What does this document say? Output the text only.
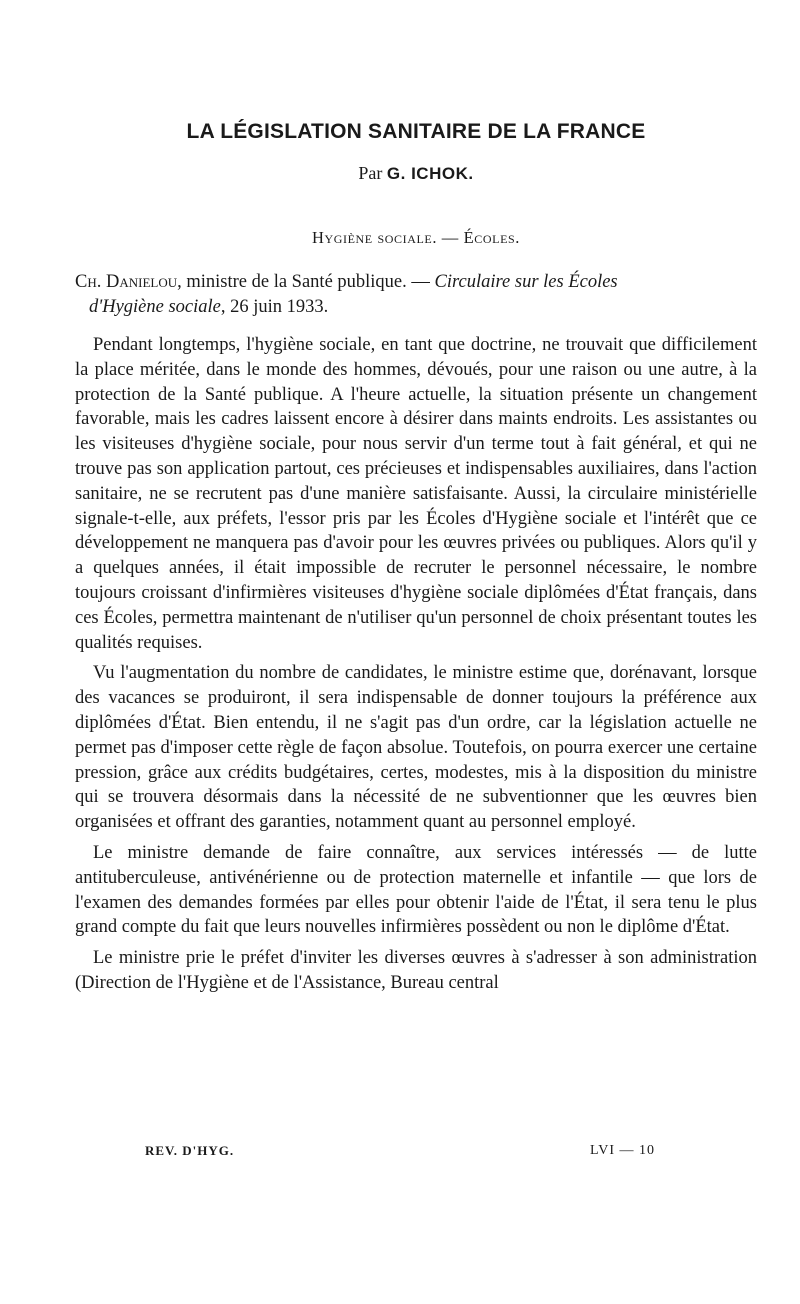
LA LÉGISLATION SANITAIRE DE LA FRANCE
Par G. ICHOK.
Hygiène sociale. — Écoles.
Ch. Danielou, ministre de la Santé publique. — Circulaire sur les Écoles
d'Hygiène sociale, 26 juin 1933.

Pendant longtemps, l'hygiène sociale, en tant que doctrine, ne trouvait que difficilement la place méritée, dans le monde des hommes, dévoués, pour une raison ou une autre, à la protection de la Santé publique. A l'heure actuelle, la situation présente un changement favorable, mais les cadres laissent encore à désirer dans maints endroits. Les assistantes ou les visiteuses d'hygiène sociale, pour nous servir d'un terme tout à fait général, et qui ne trouve pas son application partout, ces précieuses et indispensables auxiliaires, dans l'action sanitaire, ne se recrutent pas d'une manière satisfaisante. Aussi, la circulaire ministérielle signale-t-elle, aux préfets, l'essor pris par les Écoles d'Hygiène sociale et l'intérêt que ce développement ne manquera pas d'avoir pour les œuvres privées ou publiques. Alors qu'il y a quelques années, il était impossible de recruter le personnel nécessaire, le nombre toujours croissant d'infirmières visiteuses d'hygiène sociale diplômées d'État français, dans ces Écoles, permettra maintenant de n'utiliser qu'un personnel de choix présentant toutes les qualités requises.

Vu l'augmentation du nombre de candidates, le ministre estime que, dorénavant, lorsque des vacances se produiront, il sera indispensable de donner toujours la préférence aux diplômées d'État. Bien entendu, il ne s'agit pas d'un ordre, car la législation actuelle ne permet pas d'imposer cette règle de façon absolue. Toutefois, on pourra exercer une certaine pression, grâce aux crédits budgétaires, certes, modestes, mis à la disposition du ministre qui se trouvera désormais dans la nécessité de ne subventionner que les œuvres bien organisées et offrant des garanties, notamment quant au personnel employé.

Le ministre demande de faire connaître, aux services intéressés — de lutte antituberculeuse, antivénérienne ou de protection maternelle et infantile — que lors de l'examen des demandes formées par elles pour obtenir l'aide de l'État, il sera tenu le plus grand compte du fait que leurs nouvelles infirmières possèdent ou non le diplôme d'État.

Le ministre prie le préfet d'inviter les diverses œuvres à s'adresser à son administration (Direction de l'Hygiène et de l'Assistance, Bureau central

REV. D'HYG.	LVI — 10
